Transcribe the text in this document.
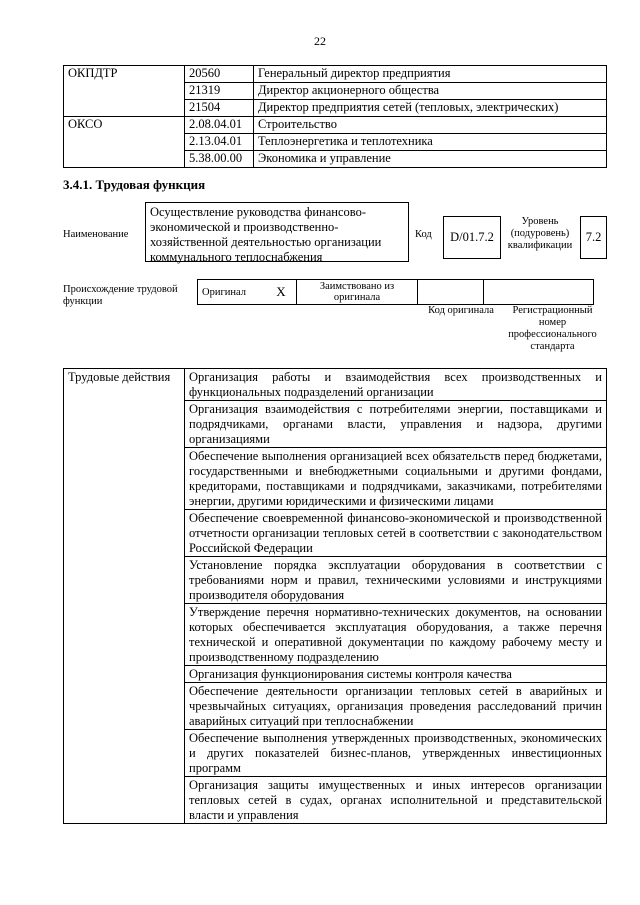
22
ОКПДТР	20560	Генеральный директор предприятия
	21319	Директор акционерного общества
	21504	Директор предприятия сетей (тепловых, электрических)
ОКСО	2.08.04.01	Строительство
	2.13.04.01	Теплоэнергетика и теплотехника
	5.38.00.00	Экономика и управление
3.4.1. Трудовая функция
Наименование
Осуществление руководства финансово-экономической и производственно-хозяйственной деятельностью организации коммунального теплоснабжения
Код	D/01.7.2
Уровень (подуровень) квалификации
7.2
Происхождение трудовой функции
Оригинал	X	Заимствовано из оригинала		
Код оригинала	Регистрационный номер профессионального стандарта
Трудовые действия	Организация работы и взаимодействия всех производственных и функциональных подразделений организации
	Организация взаимодействия с потребителями энергии, поставщиками и подрядчиками, органами власти, управления и надзора, другими организациями
	Обеспечение выполнения организацией всех обязательств перед бюджетами, государственными и внебюджетными социальными и другими фондами, кредиторами, поставщиками и подрядчиками, заказчиками, потребителями энергии, другими юридическими и физическими лицами
	Обеспечение своевременной финансово-экономической и производственной отчетности организации тепловых сетей в соответствии с законодательством Российской Федерации
	Установление порядка эксплуатации оборудования в соответствии с требованиями норм и правил, техническими условиями и инструкциями производителя оборудования
	Утверждение перечня нормативно-технических документов, на основании которых обеспечивается эксплуатация оборудования, а также перечня технической и оперативной документации по каждому рабочему месту и производственному подразделению
	Организация функционирования системы контроля качества
	Обеспечение деятельности организации тепловых сетей в аварийных и чрезвычайных ситуациях, организация проведения расследований причин аварийных ситуаций при теплоснабжении
	Обеспечение выполнения утвержденных производственных, экономических и других показателей бизнес-планов, утвержденных инвестиционных программ
	Организация защиты имущественных и иных интересов организации тепловых сетей в судах, органах исполнительной и представительской власти и управления
